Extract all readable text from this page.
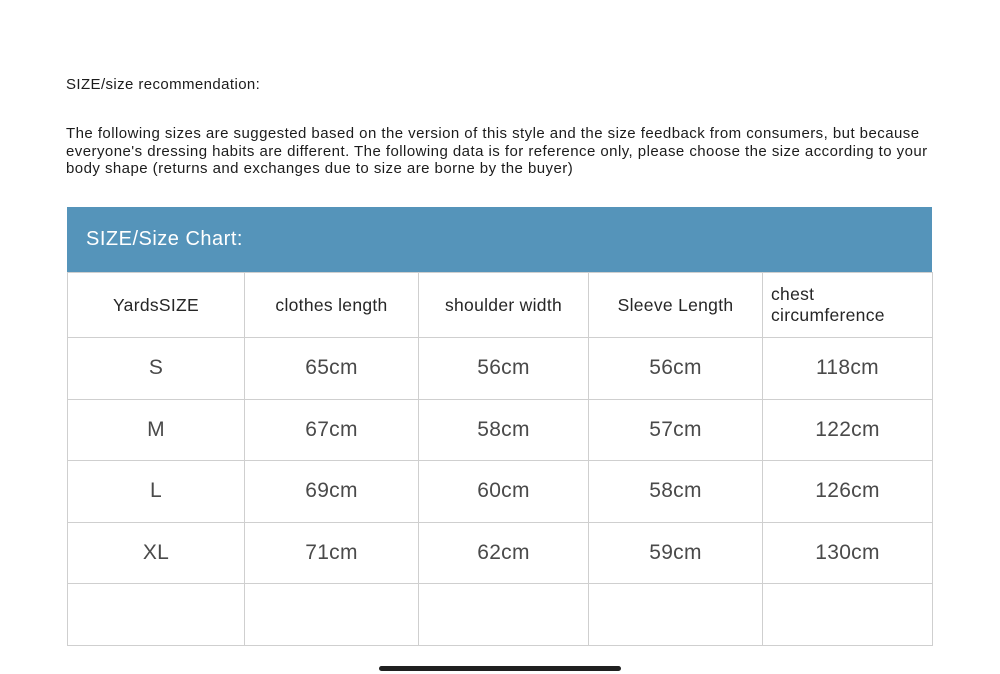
SIZE/size recommendation:
The following sizes are suggested based on the version of this style and the size feedback from consumers, but because everyone's dressing habits are different. The following data is for reference only, please choose the size according to your body shape (returns and exchanges due to size are borne by the buyer)
SIZE/Size Chart:
YardsSIZE	clothes length	shoulder width	Sleeve Length	chest circumference
S	65cm	56cm	56cm	118cm
M	67cm	58cm	57cm	122cm
L	69cm	60cm	58cm	126cm
XL	71cm	62cm	59cm	130cm
